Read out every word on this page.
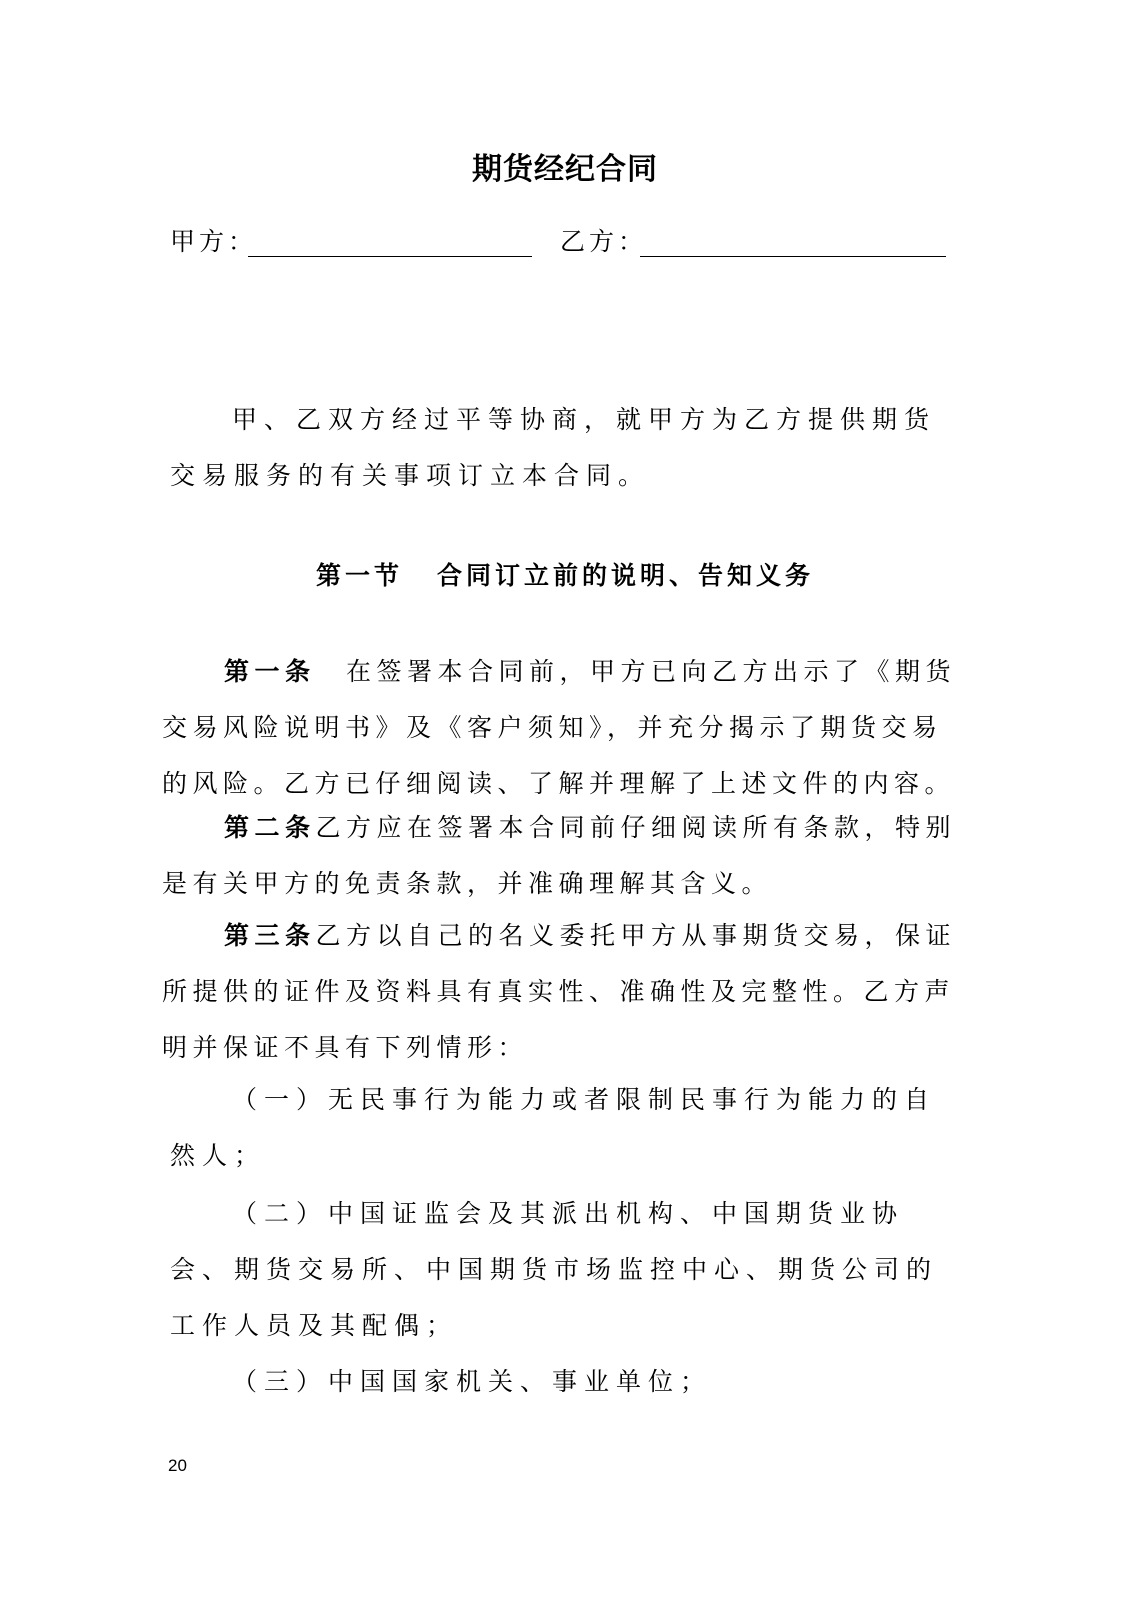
期货经纪合同
甲方：	乙方：

甲、乙双方经过平等协商，就甲方为乙方提供期货交易服务的有关事项订立本合同。

第一节 合同订立前的说明、告知义务

第一条　在签署本合同前，甲方已向乙方出示了《期货交易风险说明书》及《客户须知》，并充分揭示了期货交易的风险。乙方已仔细阅读、了解并理解了上述文件的内容。

第二条乙方应在签署本合同前仔细阅读所有条款，特别是有关甲方的免责条款，并准确理解其含义。

第三条乙方以自己的名义委托甲方从事期货交易，保证所提供的证件及资料具有真实性、准确性及完整性。乙方声明并保证不具有下列情形：

（一）无民事行为能力或者限制民事行为能力的自然人；

（二）中国证监会及其派出机构、中国期货业协会、期货交易所、中国期货市场监控中心、期货公司的工作人员及其配偶；

（三）中国国家机关、事业单位；

20
